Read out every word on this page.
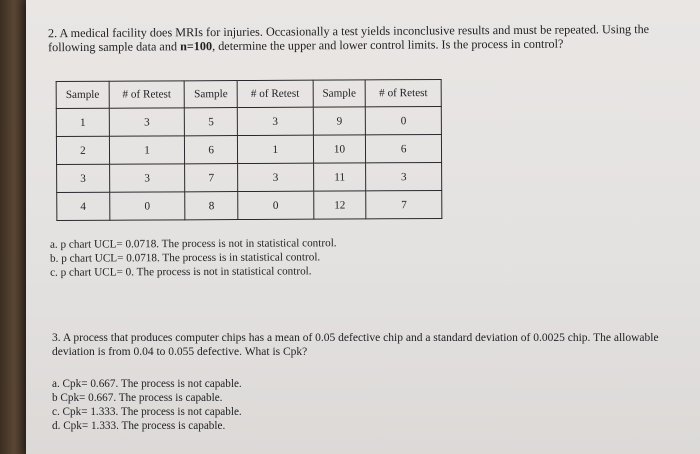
2. A medical facility does MRIs for injuries. Occasionally a test yields inconclusive results and must be repeated. Using the following sample data and n=100, determine the upper and lower control limits. Is the process in control?
Sample	# of Retest	Sample	# of Retest	Sample	# of Retest
1	3	5	3	9	0
2	1	6	1	10	6
3	3	7	3	11	3
4	0	8	0	12	7
a. p chart UCL= 0.0718. The process is not in statistical control.
b. p chart UCL= 0.0718. The process is in statistical control.
c. p chart UCL= 0. The process is not in statistical control.
3. A process that produces computer chips has a mean of 0.05 defective chip and a standard deviation of 0.0025 chip. The allowable deviation is from 0.04 to 0.055 defective. What is Cpk?
a. Cpk= 0.667. The process is not capable.
b Cpk= 0.667. The process is capable.
c. Cpk= 1.333. The process is not capable.
d. Cpk= 1.333. The process is capable.
